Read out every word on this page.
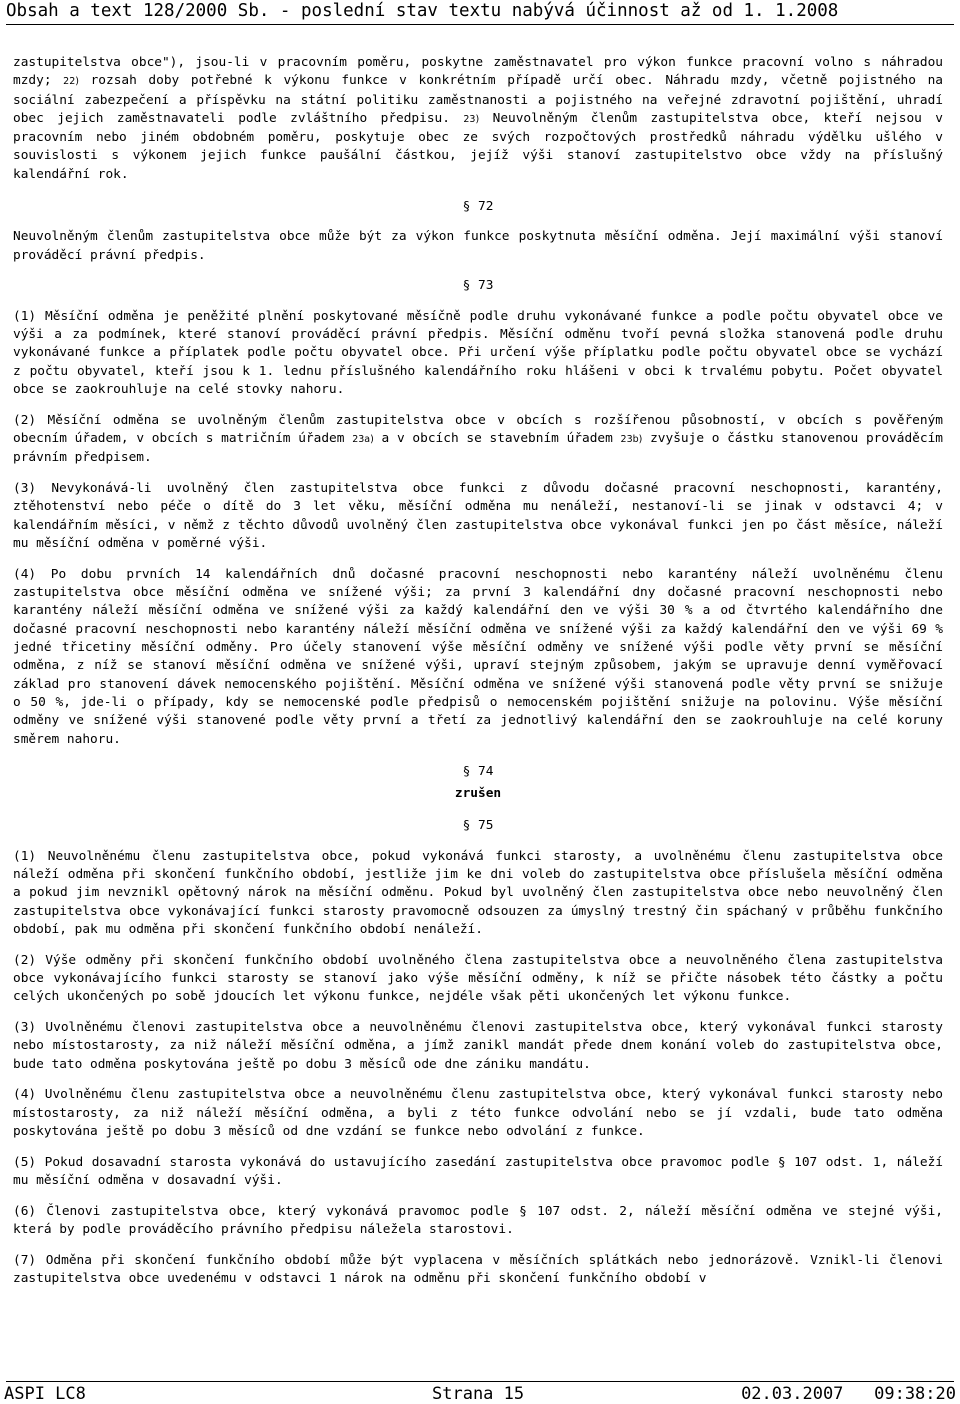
Obsah a text 128/2000 Sb. - poslední stav textu nabývá účinnost až od 1. 1.2008

zastupitelstva obce"), jsou-li v pracovním poměru, poskytne zaměstnavatel pro výkon funkce pracovní volno s náhradou mzdy; 22) rozsah doby potřebné k výkonu funkce v konkrétním případě určí obec. Náhradu mzdy, včetně pojistného na sociální zabezpečení a příspěvku na státní politiku zaměstnanosti a pojistného na veřejné zdravotní pojištění, uhradí obec jejich zaměstnavateli podle zvláštního předpisu. 23) Neuvolněným členům zastupitelstva obce, kteří nejsou v pracovním nebo jiném obdobném poměru, poskytuje obec ze svých rozpočtových prostředků náhradu výdělku ušlého v souvislosti s výkonem jejich funkce paušální částkou, jejíž výši stanoví zastupitelstvo obce vždy na příslušný kalendářní rok.

§ 72

Neuvolněným členům zastupitelstva obce může být za výkon funkce poskytnuta měsíční odměna. Její maximální výši stanoví prováděcí právní předpis.

§ 73

(1) Měsíční odměna je peněžité plnění poskytované měsíčně podle druhu vykonávané funkce a podle počtu obyvatel obce ve výši a za podmínek, které stanoví prováděcí právní předpis. Měsíční odměnu tvoří pevná složka stanovená podle druhu vykonávané funkce a příplatek podle počtu obyvatel obce. Při určení výše příplatku podle počtu obyvatel obce se vychází z počtu obyvatel, kteří jsou k 1. lednu příslušného kalendářního roku hlášeni v obci k trvalému pobytu. Počet obyvatel obce se zaokrouhluje na celé stovky nahoru.

(2) Měsíční odměna se uvolněným členům zastupitelstva obce v obcích s rozšířenou působností, v obcích s pověřeným obecním úřadem, v obcích s matričním úřadem 23a) a v obcích se stavebním úřadem 23b) zvyšuje o částku stanovenou prováděcím právním předpisem.

(3) Nevykonává-li uvolněný člen zastupitelstva obce funkci z důvodu dočasné pracovní neschopnosti, karantény, ztěhotenství nebo péče o dítě do 3 let věku, měsíční odměna mu nenáleží, nestanoví-li se jinak v odstavci 4; v kalendářním měsíci, v němž z těchto důvodů uvolněný člen zastupitelstva obce vykonával funkci jen po část měsíce, náleží mu měsíční odměna v poměrné výši.

(4) Po dobu prvních 14 kalendářních dnů dočasné pracovní neschopnosti nebo karantény náleží uvolněnému členu zastupitelstva obce měsíční odměna ve snížené výši; za první 3 kalendářní dny dočasné pracovní neschopnosti nebo karantény náleží měsíční odměna ve snížené výši za každý kalendářní den ve výši 30 % a od čtvrtého kalendářního dne dočasné pracovní neschopnosti nebo karantény náleží měsíční odměna ve snížené výši za každý kalendářní den ve výši 69 % jedné třicetiny měsíční odměny. Pro účely stanovení výše měsíční odměny ve snížené výši podle věty první se měsíční odměna, z níž se stanoví měsíční odměna ve snížené výši, upraví stejným způsobem, jakým se upravuje denní vyměřovací základ pro stanovení dávek nemocenského pojištění. Měsíční odměna ve snížené výši stanovená podle věty první se snižuje o 50 %, jde-li o případy, kdy se nemocenské podle předpisů o nemocenském pojištění snižuje na polovinu. Výše měsíční odměny ve snížené výši stanovené podle věty první a třetí za jednotlivý kalendářní den se zaokrouhluje na celé koruny směrem nahoru.

§ 74
zrušen
§ 75

(1) Neuvolněnému členu zastupitelstva obce, pokud vykonává funkci starosty, a uvolněnému členu zastupitelstva obce náleží odměna při skončení funkčního období, jestliže jim ke dni voleb do zastupitelstva obce příslušela měsíční odměna a pokud jim nevznikl opětovný nárok na měsíční odměnu. Pokud byl uvolněný člen zastupitelstva obce nebo neuvolněný člen zastupitelstva obce vykonávající funkci starosty pravomocně odsouzen za úmyslný trestný čin spáchaný v průběhu funkčního období, pak mu odměna při skončení funkčního období nenáleží.

(2) Výše odměny při skončení funkčního období uvolněného člena zastupitelstva obce a neuvolněného člena zastupitelstva obce vykonávajícího funkci starosty se stanoví jako výše měsíční odměny, k níž se přičte násobek této částky a počtu celých ukončených po sobě jdoucích let výkonu funkce, nejdéle však pěti ukončených let výkonu funkce.

(3) Uvolněnému členovi zastupitelstva obce a neuvolněnému členovi zastupitelstva obce, který vykonával funkci starosty nebo místostarosty, za niž náleží měsíční odměna, a jímž zanikl mandát přede dnem konání voleb do zastupitelstva obce, bude tato odměna poskytována ještě po dobu 3 měsíců ode dne zániku mandátu.

(4) Uvolněnému členu zastupitelstva obce a neuvolněnému členu zastupitelstva obce, který vykonával funkci starosty nebo místostarosty, za niž náleží měsíční odměna, a byli z této funkce odvolání nebo se jí vzdali, bude tato odměna poskytována ještě po dobu 3 měsíců od dne vzdání se funkce nebo odvolání z funkce.

(5) Pokud dosavadní starosta vykonává do ustavujícího zasedání zastupitelstva obce pravomoc podle § 107 odst. 1, náleží mu měsíční odměna v dosavadní výši.

(6) Členovi zastupitelstva obce, který vykonává pravomoc podle § 107 odst. 2, náleží měsíční odměna ve stejné výši, která by podle prováděcího právního předpisu náležela starostovi.

(7) Odměna při skončení funkčního období může být vyplacena v měsíčních splátkách nebo jednorázově. Vznikl-li členovi zastupitelstva obce uvedenému v odstavci 1 nárok na odměnu při skončení funkčního období v

ASPI LC8	Strana 15	02.03.2007   09:38:20
